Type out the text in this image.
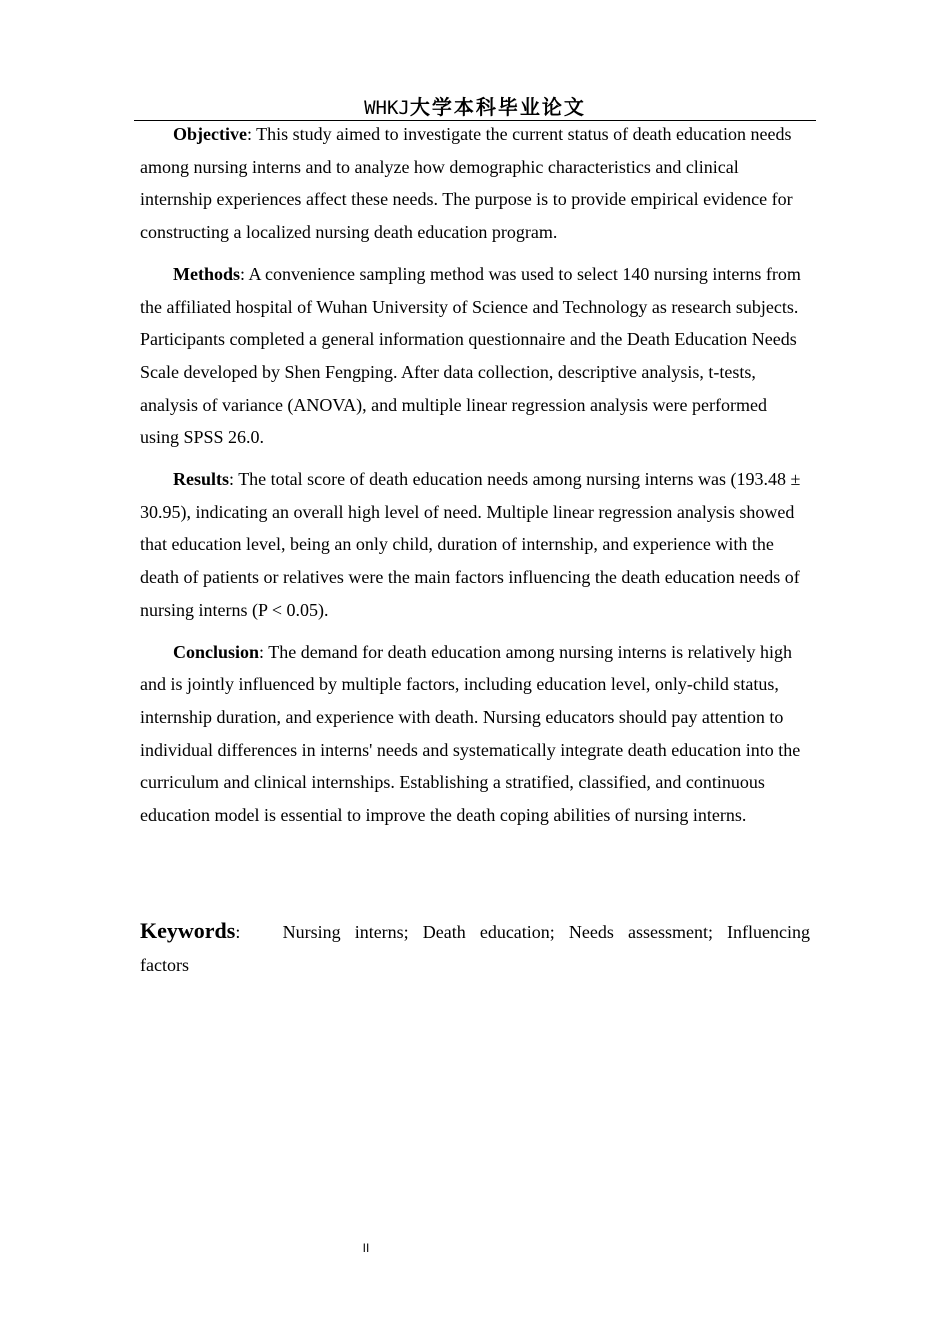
WHKJ大学本科毕业论文

Objective: This study aimed to investigate the current status of death education needs among nursing interns and to analyze how demographic characteristics and clinical internship experiences affect these needs. The purpose is to provide empirical evidence for constructing a localized nursing death education program.

Methods: A convenience sampling method was used to select 140 nursing interns from the affiliated hospital of Wuhan University of Science and Technology as research subjects. Participants completed a general information questionnaire and the Death Education Needs Scale developed by Shen Fengping. After data collection, descriptive analysis, t-tests, analysis of variance (ANOVA), and multiple linear regression analysis were performed using SPSS 26.0.

Results: The total score of death education needs among nursing interns was (193.48 ± 30.95), indicating an overall high level of need. Multiple linear regression analysis showed that education level, being an only child, duration of internship, and experience with the death of patients or relatives were the main factors influencing the death education needs of nursing interns (P < 0.05).

Conclusion: The demand for death education among nursing interns is relatively high and is jointly influenced by multiple factors, including education level, only-child status, internship duration, and experience with death. Nursing educators should pay attention to individual differences in interns' needs and systematically integrate death education into the curriculum and clinical internships. Establishing a stratified, classified, and continuous education model is essential to improve the death coping abilities of nursing interns.

Keywords: Nursing interns; Death education; Needs assessment; Influencing factors
II
